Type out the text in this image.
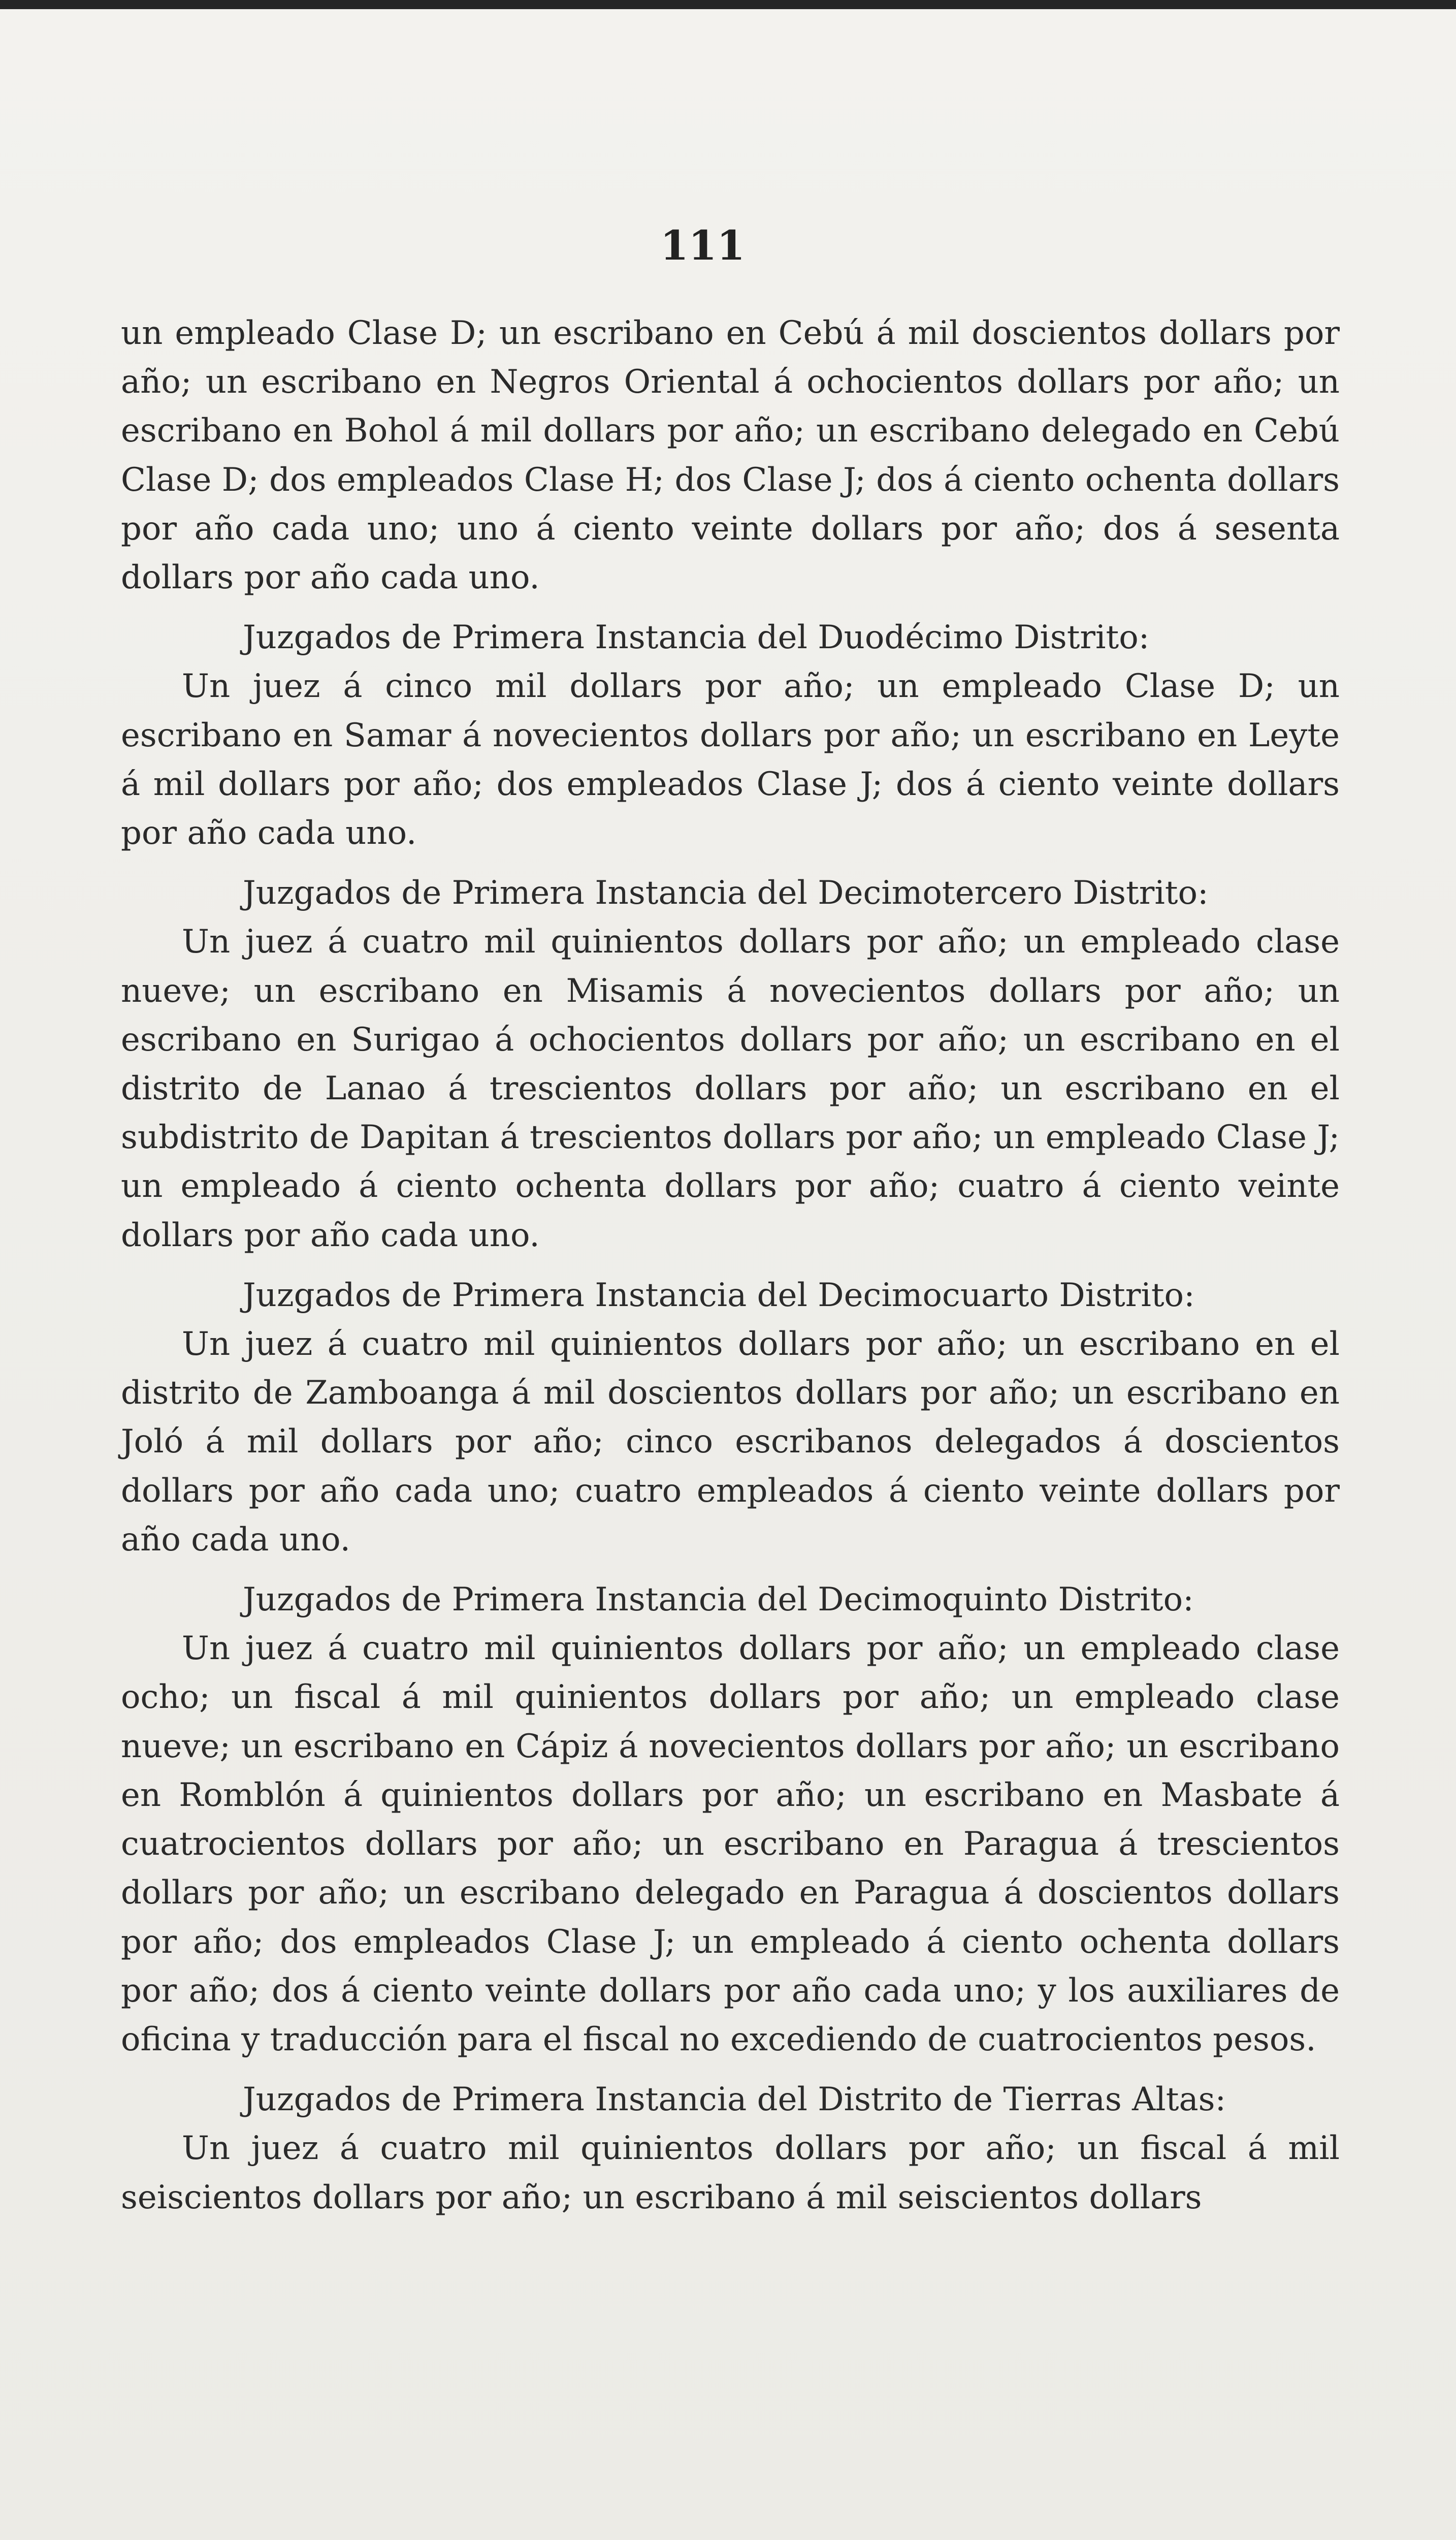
111

un empleado Clase D; un escribano en Cebú á mil doscientos dollars por año; un escribano en Negros Oriental á ochocientos dollars por año; un escribano en Bohol á mil dollars por año; un escribano delegado en Cebú Clase D; dos empleados Clase H; dos Clase J; dos á ciento ochenta dollars por año cada uno; uno á ciento veinte dollars por año; dos á sesenta dollars por año cada uno.

Juzgados de Primera Instancia del Duodécimo Distrito:

Un juez á cinco mil dollars por año; un empleado Clase D; un escribano en Samar á novecientos dollars por año; un escribano en Leyte á mil dollars por año; dos empleados Clase J; dos á ciento veinte dollars por año cada uno.

Juzgados de Primera Instancia del Decimotercero Distrito:

Un juez á cuatro mil quinientos dollars por año; un empleado clase nueve; un escribano en Misamis á novecientos dollars por año; un escribano en Surigao á ochocientos dollars por año; un escribano en el distrito de Lanao á trescientos dollars por año; un escribano en el subdistrito de Dapitan á trescientos dollars por año; un empleado Clase J; un empleado á ciento ochenta dollars por año; cuatro á ciento veinte dollars por año cada uno.

Juzgados de Primera Instancia del Decimocuarto Distrito:

Un juez á cuatro mil quinientos dollars por año; un escribano en el distrito de Zamboanga á mil doscientos dollars por año; un escribano en Joló á mil dollars por año; cinco escribanos delegados á doscientos dollars por año cada uno; cuatro empleados á ciento veinte dollars por año cada uno.

Juzgados de Primera Instancia del Decimoquinto Distrito:

Un juez á cuatro mil quinientos dollars por año; un empleado clase ocho; un fiscal á mil quinientos dollars por año; un empleado clase nueve; un escribano en Cápiz á novecientos dollars por año; un escribano en Romblón á quinientos dollars por año; un escribano en Masbate á cuatrocientos dollars por año; un escribano en Paragua á trescientos dollars por año; un escribano delegado en Paragua á doscientos dollars por año; dos empleados Clase J; un empleado á ciento ochenta dollars por año; dos á ciento veinte dollars por año cada uno; y los auxiliares de oficina y traducción para el fiscal no excediendo de cuatrocientos pesos.

Juzgados de Primera Instancia del Distrito de Tierras Altas:

Un juez á cuatro mil quinientos dollars por año; un fiscal á mil seiscientos dollars por año; un escribano á mil seiscientos dollars
